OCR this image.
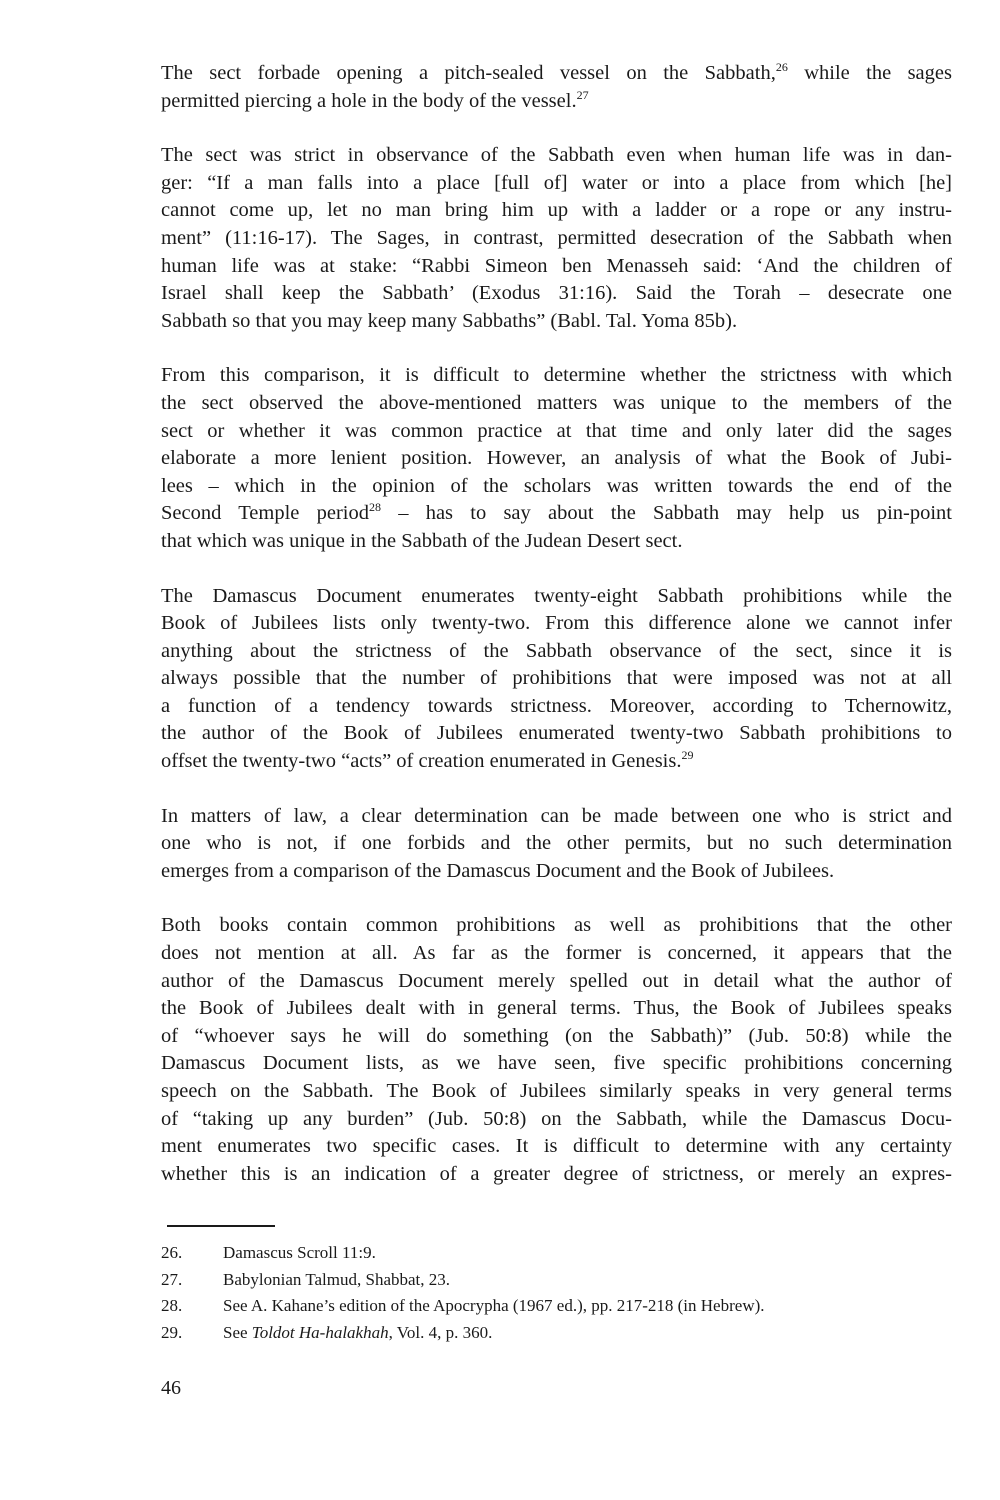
The sect forbade opening a pitch-sealed vessel on the Sabbath,$^{26}$ while the sages
permitted piercing a hole in the body of the vessel.$^{27}$
The sect was strict in observance of the Sabbath even when human life was in dan-
ger: “If a man falls into a place [full of] water or into a place from which [he]
cannot come up, let no man bring him up with a ladder or a rope or any instru-
ment” (11:16-17). The Sages, in contrast, permitted desecration of the Sabbath when
human life was at stake: “Rabbi Simeon ben Menasseh said: ‘And the children of
Israel shall keep the Sabbath’ (Exodus 31:16). Said the Torah – desecrate one
Sabbath so that you may keep many Sabbaths” (Babl. Tal. Yoma 85b).
From this comparison, it is difficult to determine whether the strictness with which
the sect observed the above-mentioned matters was unique to the members of the
sect or whether it was common practice at that time and only later did the sages
elaborate a more lenient position. However, an analysis of what the Book of Jubi-
lees – which in the opinion of the scholars was written towards the end of the
Second Temple period$^{28}$ – has to say about the Sabbath may help us pin-point
that which was unique in the Sabbath of the Judean Desert sect.
The Damascus Document enumerates twenty-eight Sabbath prohibitions while the
Book of Jubilees lists only twenty-two. From this difference alone we cannot infer
anything about the strictness of the Sabbath observance of the sect, since it is
always possible that the number of prohibitions that were imposed was not at all
a function of a tendency towards strictness. Moreover, according to Tchernowitz,
the author of the Book of Jubilees enumerated twenty-two Sabbath prohibitions to
offset the twenty-two “acts” of creation enumerated in Genesis.$^{29}$
In matters of law, a clear determination can be made between one who is strict and
one who is not, if one forbids and the other permits, but no such determination
emerges from a comparison of the Damascus Document and the Book of Jubilees.
Both books contain common prohibitions as well as prohibitions that the other
does not mention at all. As far as the former is concerned, it appears that the
author of the Damascus Document merely spelled out in detail what the author of
the Book of Jubilees dealt with in general terms. Thus, the Book of Jubilees speaks
of “whoever says he will do something (on the Sabbath)” (Jub. 50:8) while the
Damascus Document lists, as we have seen, five specific prohibitions concerning
speech on the Sabbath. The Book of Jubilees similarly speaks in very general terms
of “taking up any burden” (Jub. 50:8) on the Sabbath, while the Damascus Docu-
ment enumerates two specific cases. It is difficult to determine with any certainty
whether this is an indication of a greater degree of strictness, or merely an expres-
26.	Damascus Scroll 11:9.
27.	Babylonian Talmud, Shabbat, 23.
28.	See A. Kahane’s edition of the Apocrypha (1967 ed.), pp. 217-218 (in Hebrew).
29.	See Toldot Ha-halakhah, Vol. 4, p. 360.
46
